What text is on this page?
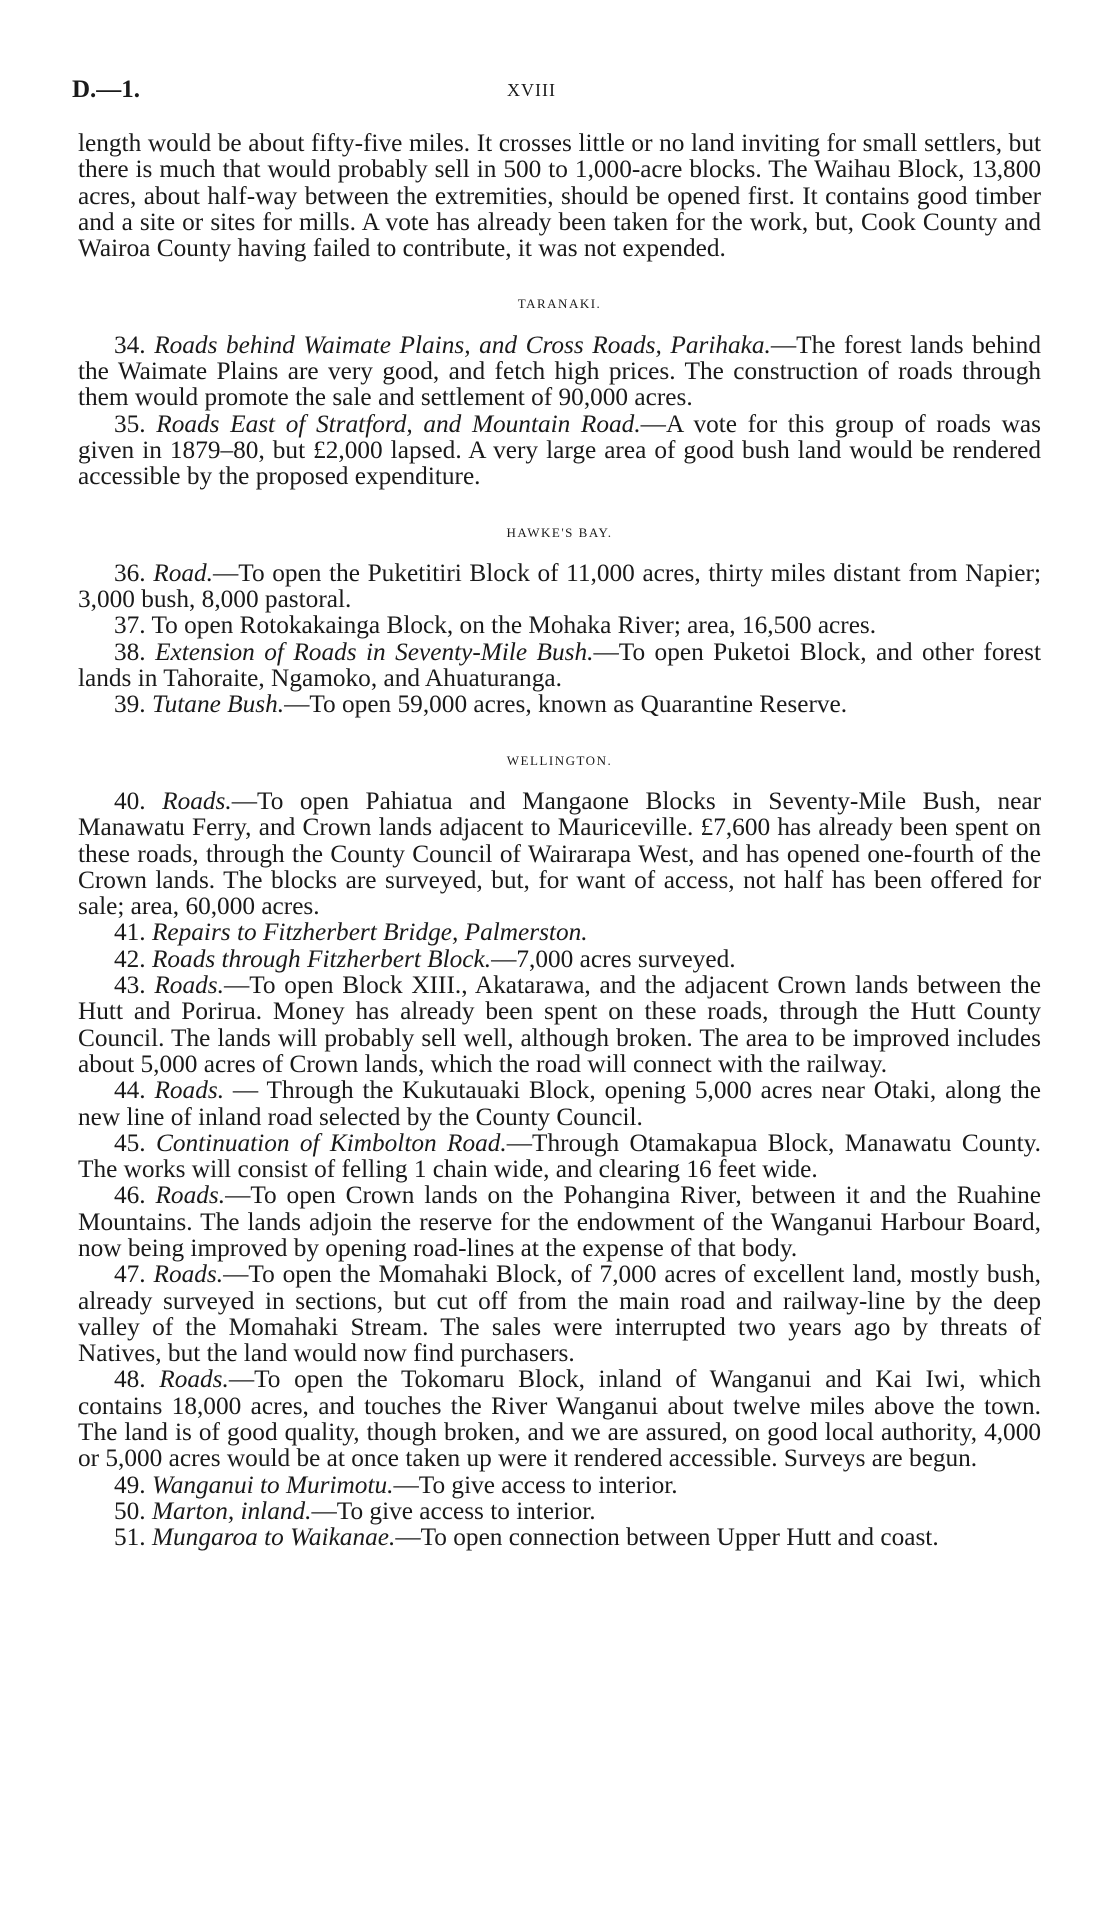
D.—1.	XVIII

length would be about fifty-five miles. It crosses little or no land inviting for small settlers, but there is much that would probably sell in 500 to 1,000-acre blocks. The Waihau Block, 13,800 acres, about half-way between the extremities, should be opened first. It contains good timber and a site or sites for mills. A vote has already been taken for the work, but, Cook County and Wairoa County having failed to contribute, it was not expended.

TARANAKI.

34. Roads behind Waimate Plains, and Cross Roads, Parihaka.—The forest lands behind the Waimate Plains are very good, and fetch high prices. The construction of roads through them would promote the sale and settlement of 90,000 acres.

35. Roads East of Stratford, and Mountain Road.—A vote for this group of roads was given in 1879–80, but £2,000 lapsed. A very large area of good bush land would be rendered accessible by the proposed expenditure.

HAWKE'S BAY.

36. Road.—To open the Puketitiri Block of 11,000 acres, thirty miles distant from Napier; 3,000 bush, 8,000 pastoral.

37. To open Rotokakainga Block, on the Mohaka River; area, 16,500 acres.

38. Extension of Roads in Seventy-Mile Bush.—To open Puketoi Block, and other forest lands in Tahoraite, Ngamoko, and Ahuaturanga.

39. Tutane Bush.—To open 59,000 acres, known as Quarantine Reserve.

WELLINGTON.

40. Roads.—To open Pahiatua and Mangaone Blocks in Seventy-Mile Bush, near Manawatu Ferry, and Crown lands adjacent to Mauriceville. £7,600 has already been spent on these roads, through the County Council of Wairarapa West, and has opened one-fourth of the Crown lands. The blocks are surveyed, but, for want of access, not half has been offered for sale; area, 60,000 acres.

41. Repairs to Fitzherbert Bridge, Palmerston.

42. Roads through Fitzherbert Block.—7,000 acres surveyed.

43. Roads.—To open Block XIII., Akatarawa, and the adjacent Crown lands between the Hutt and Porirua. Money has already been spent on these roads, through the Hutt County Council. The lands will probably sell well, although broken. The area to be improved includes about 5,000 acres of Crown lands, which the road will connect with the railway.

44. Roads. — Through the Kukutauaki Block, opening 5,000 acres near Otaki, along the new line of inland road selected by the County Council.

45. Continuation of Kimbolton Road.—Through Otamakapua Block, Manawatu County. The works will consist of felling 1 chain wide, and clearing 16 feet wide.

46. Roads.—To open Crown lands on the Pohangina River, between it and the Ruahine Mountains. The lands adjoin the reserve for the endowment of the Wanganui Harbour Board, now being improved by opening road-lines at the expense of that body.

47. Roads.—To open the Momahaki Block, of 7,000 acres of excellent land, mostly bush, already surveyed in sections, but cut off from the main road and railway-line by the deep valley of the Momahaki Stream. The sales were interrupted two years ago by threats of Natives, but the land would now find purchasers.

48. Roads.—To open the Tokomaru Block, inland of Wanganui and Kai Iwi, which contains 18,000 acres, and touches the River Wanganui about twelve miles above the town. The land is of good quality, though broken, and we are assured, on good local authority, 4,000 or 5,000 acres would be at once taken up were it rendered accessible. Surveys are begun.

49. Wanganui to Murimotu.—To give access to interior.

50. Marton, inland.—To give access to interior.

51. Mungaroa to Waikanae.—To open connection between Upper Hutt and coast.
